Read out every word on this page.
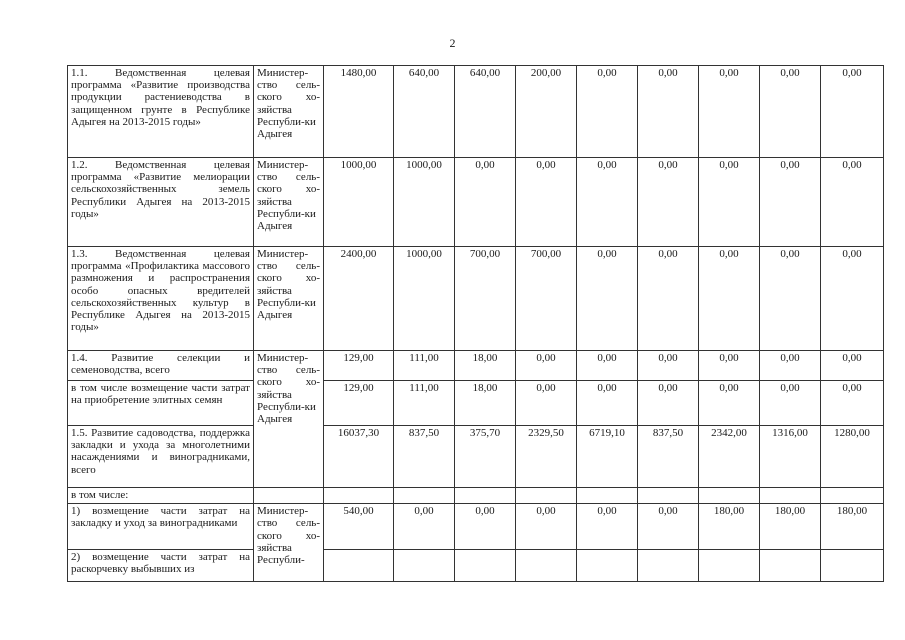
2
1.1. Ведомственная целевая программа «Развитие производства продукции растениеводства в защищенном грунте в Республике Адыгея на 2013-2015 годы»	Министер-ство сель-ского хо-зяйства Республи-ки Адыгея	1480,00	640,00	640,00	200,00	0,00	0,00	0,00	0,00	0,00
1.2. Ведомственная целевая программа «Развитие мелиорации сельскохозяйственных земель Республики Адыгея на 2013-2015 годы»	Министер-ство сель-ского хо-зяйства Республи-ки Адыгея	1000,00	1000,00	0,00	0,00	0,00	0,00	0,00	0,00	0,00
1.3. Ведомственная целевая программа «Профилактика массового размножения и распространения особо опасных вредителей сельскохозяйственных культур в Республике Адыгея на 2013-2015 годы»	Министер-ство сель-ского хо-зяйства Республи-ки Адыгея	2400,00	1000,00	700,00	700,00	0,00	0,00	0,00	0,00	0,00
1.4. Развитие селекции и семеноводства, всего	Министер-ство сель-ского хо-зяйства Республи-ки Адыгея	129,00	111,00	18,00	0,00	0,00	0,00	0,00	0,00	0,00
в том числе возмещение части затрат на приобретение элитных семян		129,00	111,00	18,00	0,00	0,00	0,00	0,00	0,00	0,00
1.5. Развитие садоводства, поддержка закладки и ухода за многолетними насаждениями и виноградниками, всего		16037,30	837,50	375,70	2329,50	6719,10	837,50	2342,00	1316,00	1280,00
в том числе:										
1) возмещение части затрат на закладку и уход за виноградниками	Министер-ство сель-ского хо-зяйства Республи-	540,00	0,00	0,00	0,00	0,00	0,00	180,00	180,00	180,00
2) возмещение части затрат на раскорчевку выбывших из										
